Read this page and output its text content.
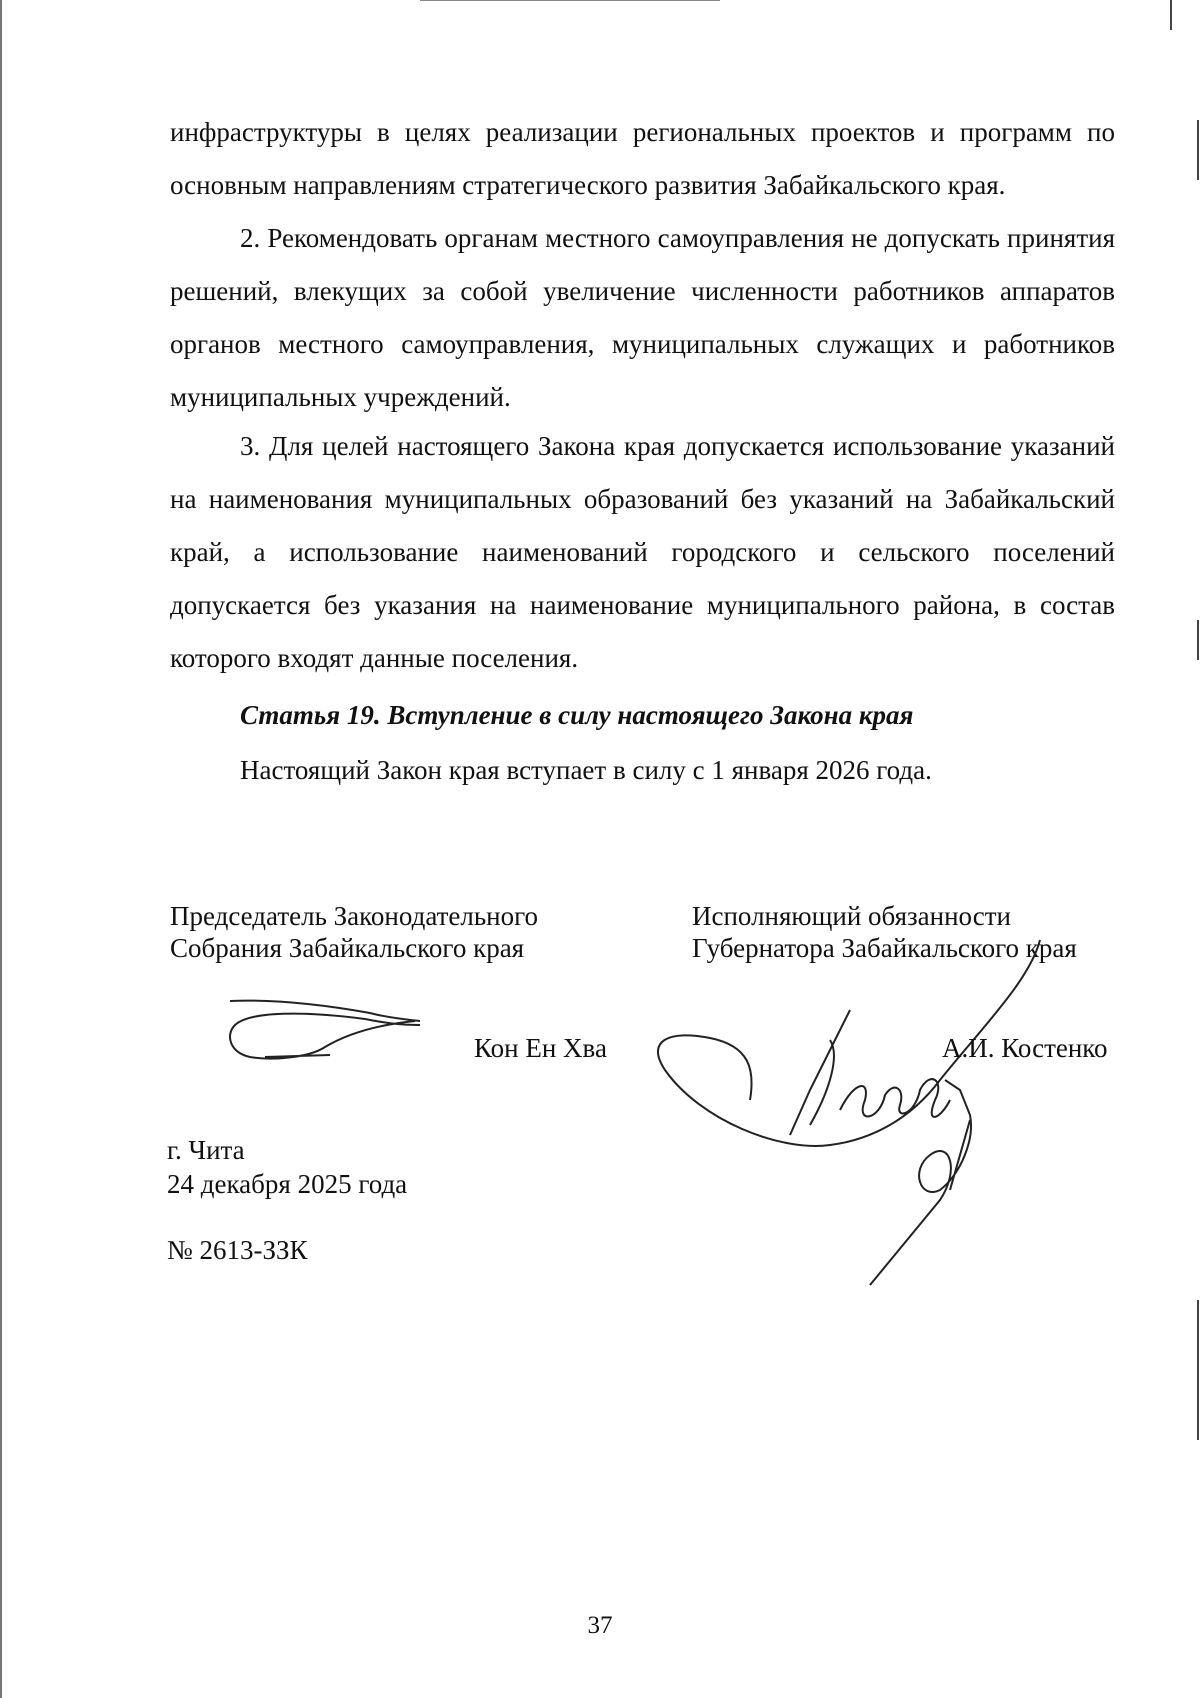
инфраструктуры в целях реализации региональных проектов и программ по основным направлениям стратегического развития Забайкальского края.

2. Рекомендовать органам местного самоуправления не допускать принятия решений, влекущих за собой увеличение численности работников аппаратов органов местного самоуправления, муниципальных служащих и работников муниципальных учреждений.

3. Для целей настоящего Закона края допускается использование указаний на наименования муниципальных образований без указаний на Забайкальский край, а использование наименований городского и сельского поселений допускается без указания на наименование муниципального района, в состав которого входят данные поселения.

Статья 19. Вступление в силу настоящего Закона края

Настоящий Закон края вступает в силу с 1 января 2026 года.

Председатель Законодательного

Собрания Забайкальского края

Кон Ен Хва

Исполняющий обязанности

Губернатора Забайкальского края

А.И. Костенко

г. Чита

24 декабря 2025 года

№ 2613-ЗЗК

37
